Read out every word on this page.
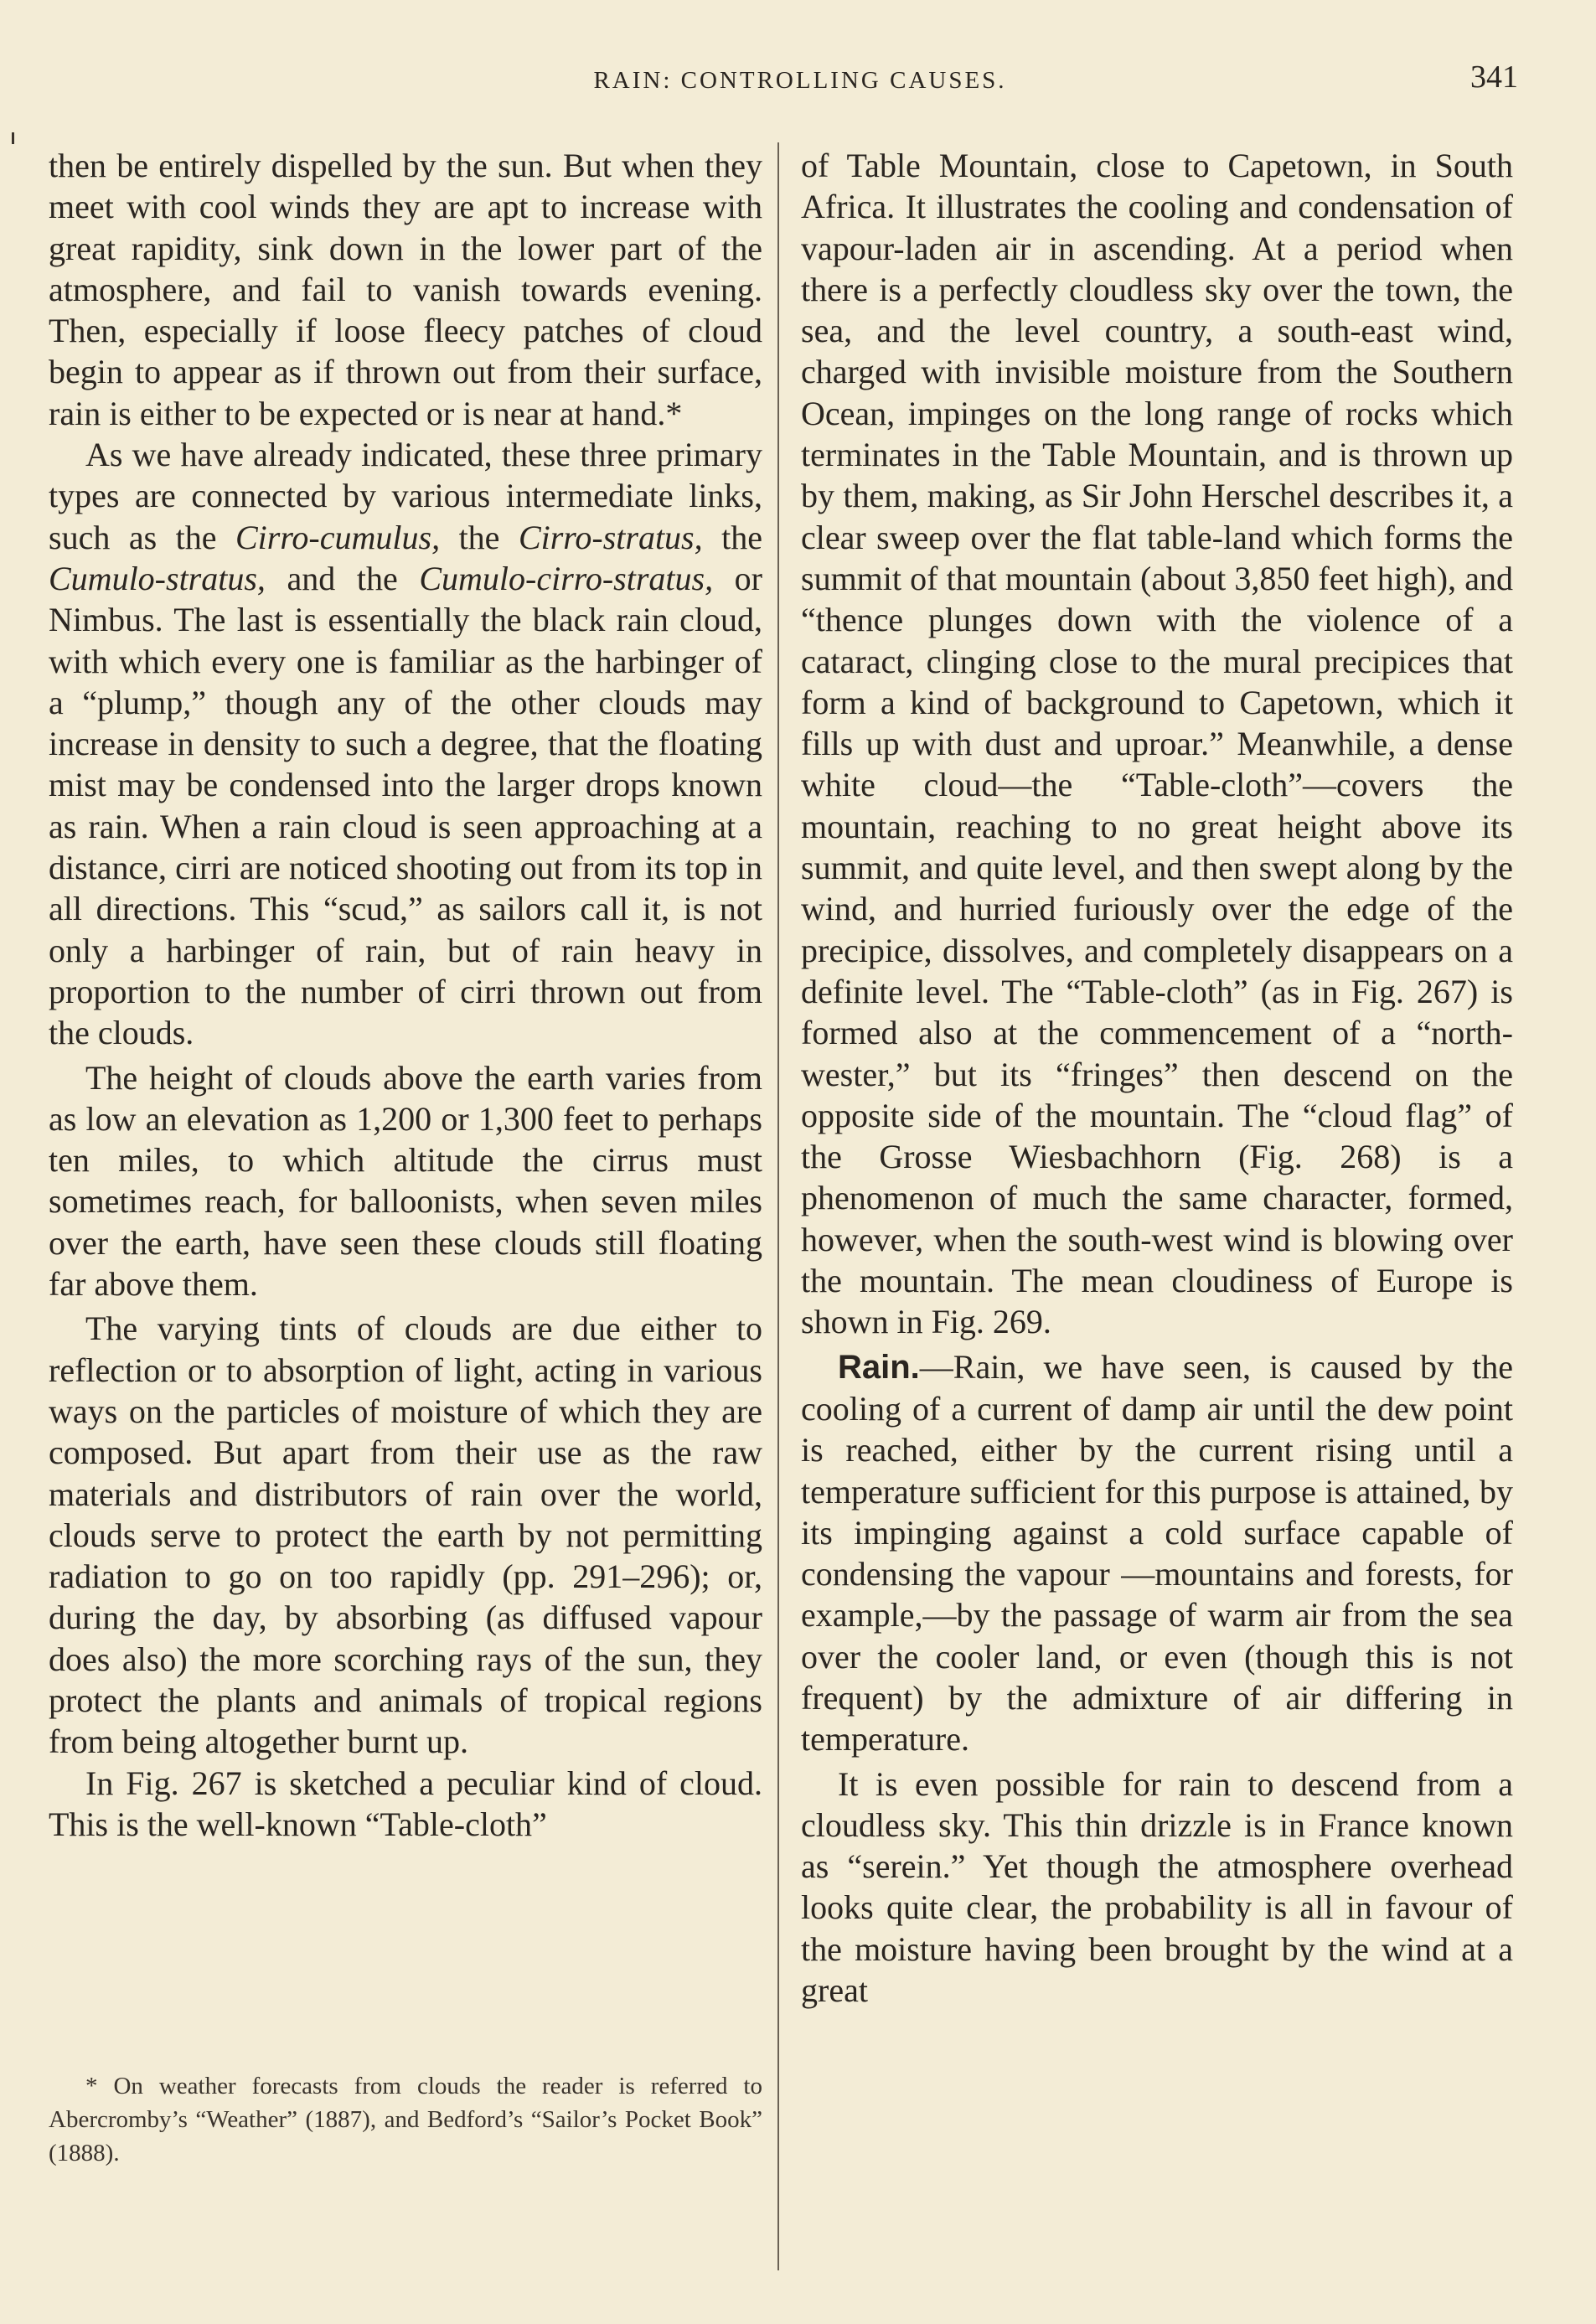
RAIN: CONTROLLING CAUSES.	341

then be entirely dispelled by the sun. But when they meet with cool winds they are apt to increase with great rapidity, sink down in the lower part of the atmosphere, and fail to vanish towards evening. Then, especially if loose fleecy patches of cloud begin to appear as if thrown out from their surface, rain is either to be expected or is near at hand.*

As we have already indicated, these three primary types are connected by various intermediate links, such as the Cirro-cumulus, the Cirro-stratus, the Cumulo-stratus, and the Cumulo-cirro-stratus, or Nimbus. The last is essentially the black rain cloud, with which every one is familiar as the harbinger of a “plump,” though any of the other clouds may increase in density to such a degree, that the floating mist may be condensed into the larger drops known as rain. When a rain cloud is seen approaching at a distance, cirri are noticed shooting out from its top in all directions. This “scud,” as sailors call it, is not only a harbinger of rain, but of rain heavy in proportion to the number of cirri thrown out from the clouds.

The height of clouds above the earth varies from as low an elevation as 1,200 or 1,300 feet to perhaps ten miles, to which altitude the cirrus must sometimes reach, for balloonists, when seven miles over the earth, have seen these clouds still floating far above them.

The varying tints of clouds are due either to reflection or to absorption of light, acting in various ways on the particles of moisture of which they are composed. But apart from their use as the raw materials and distributors of rain over the world, clouds serve to protect the earth by not permitting radiation to go on too rapidly (pp. 291–296); or, during the day, by absorbing (as diffused vapour does also) the more scorching rays of the sun, they protect the plants and animals of tropical regions from being altogether burnt up.

In Fig. 267 is sketched a peculiar kind of cloud. This is the well-known “Table-cloth”

* On weather forecasts from clouds the reader is referred to Abercromby’s “Weather” (1887), and Bedford’s “Sailor’s Pocket Book” (1888).

of Table Mountain, close to Capetown, in South Africa. It illustrates the cooling and condensation of vapour-laden air in ascending. At a period when there is a perfectly cloudless sky over the town, the sea, and the level country, a south-east wind, charged with invisible moisture from the Southern Ocean, impinges on the long range of rocks which terminates in the Table Mountain, and is thrown up by them, making, as Sir John Herschel describes it, a clear sweep over the flat table-land which forms the summit of that mountain (about 3,850 feet high), and “thence plunges down with the violence of a cataract, clinging close to the mural precipices that form a kind of background to Capetown, which it fills up with dust and uproar.” Meanwhile, a dense white cloud—the “Table-cloth”—covers the mountain, reaching to no great height above its summit, and quite level, and then swept along by the wind, and hurried furiously over the edge of the precipice, dissolves, and completely disappears on a definite level. The “Table-cloth” (as in Fig. 267) is formed also at the commencement of a “north-wester,” but its “fringes” then descend on the opposite side of the mountain. The “cloud flag” of the Grosse Wiesbachhorn (Fig. 268) is a phenomenon of much the same character, formed, however, when the south-west wind is blowing over the mountain. The mean cloudiness of Europe is shown in Fig. 269.

Rain.—Rain, we have seen, is caused by the cooling of a current of damp air until the dew point is reached, either by the current rising until a temperature sufficient for this purpose is attained, by its impinging against a cold surface capable of condensing the vapour —mountains and forests, for example,—by the passage of warm air from the sea over the cooler land, or even (though this is not frequent) by the admixture of air differing in temperature.

It is even possible for rain to descend from a cloudless sky. This thin drizzle is in France known as “serein.” Yet though the atmosphere overhead looks quite clear, the probability is all in favour of the moisture having been brought by the wind at a great
